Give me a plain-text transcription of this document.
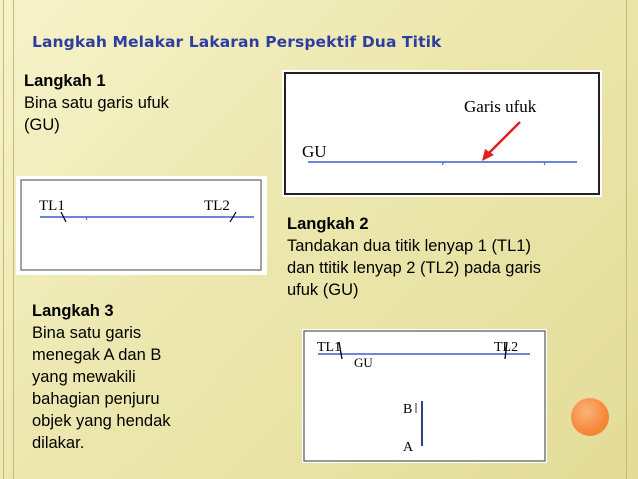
Langkah Melakar Lakaran Perspektif Dua Titik
Langkah 1
Bina satu garis ufuk
(GU)
Garis ufuk
GU
TL1	TL2
Langkah 2
Tandakan dua titik lenyap 1 (TL1)
dan ttitik lenyap 2 (TL2) pada garis
ufuk (GU)
Langkah 3
Bina satu garis
menegak A dan B
yang mewakili
bahagian penjuru
objek yang hendak
dilakar.
TL1	TL2
GU
B
A
